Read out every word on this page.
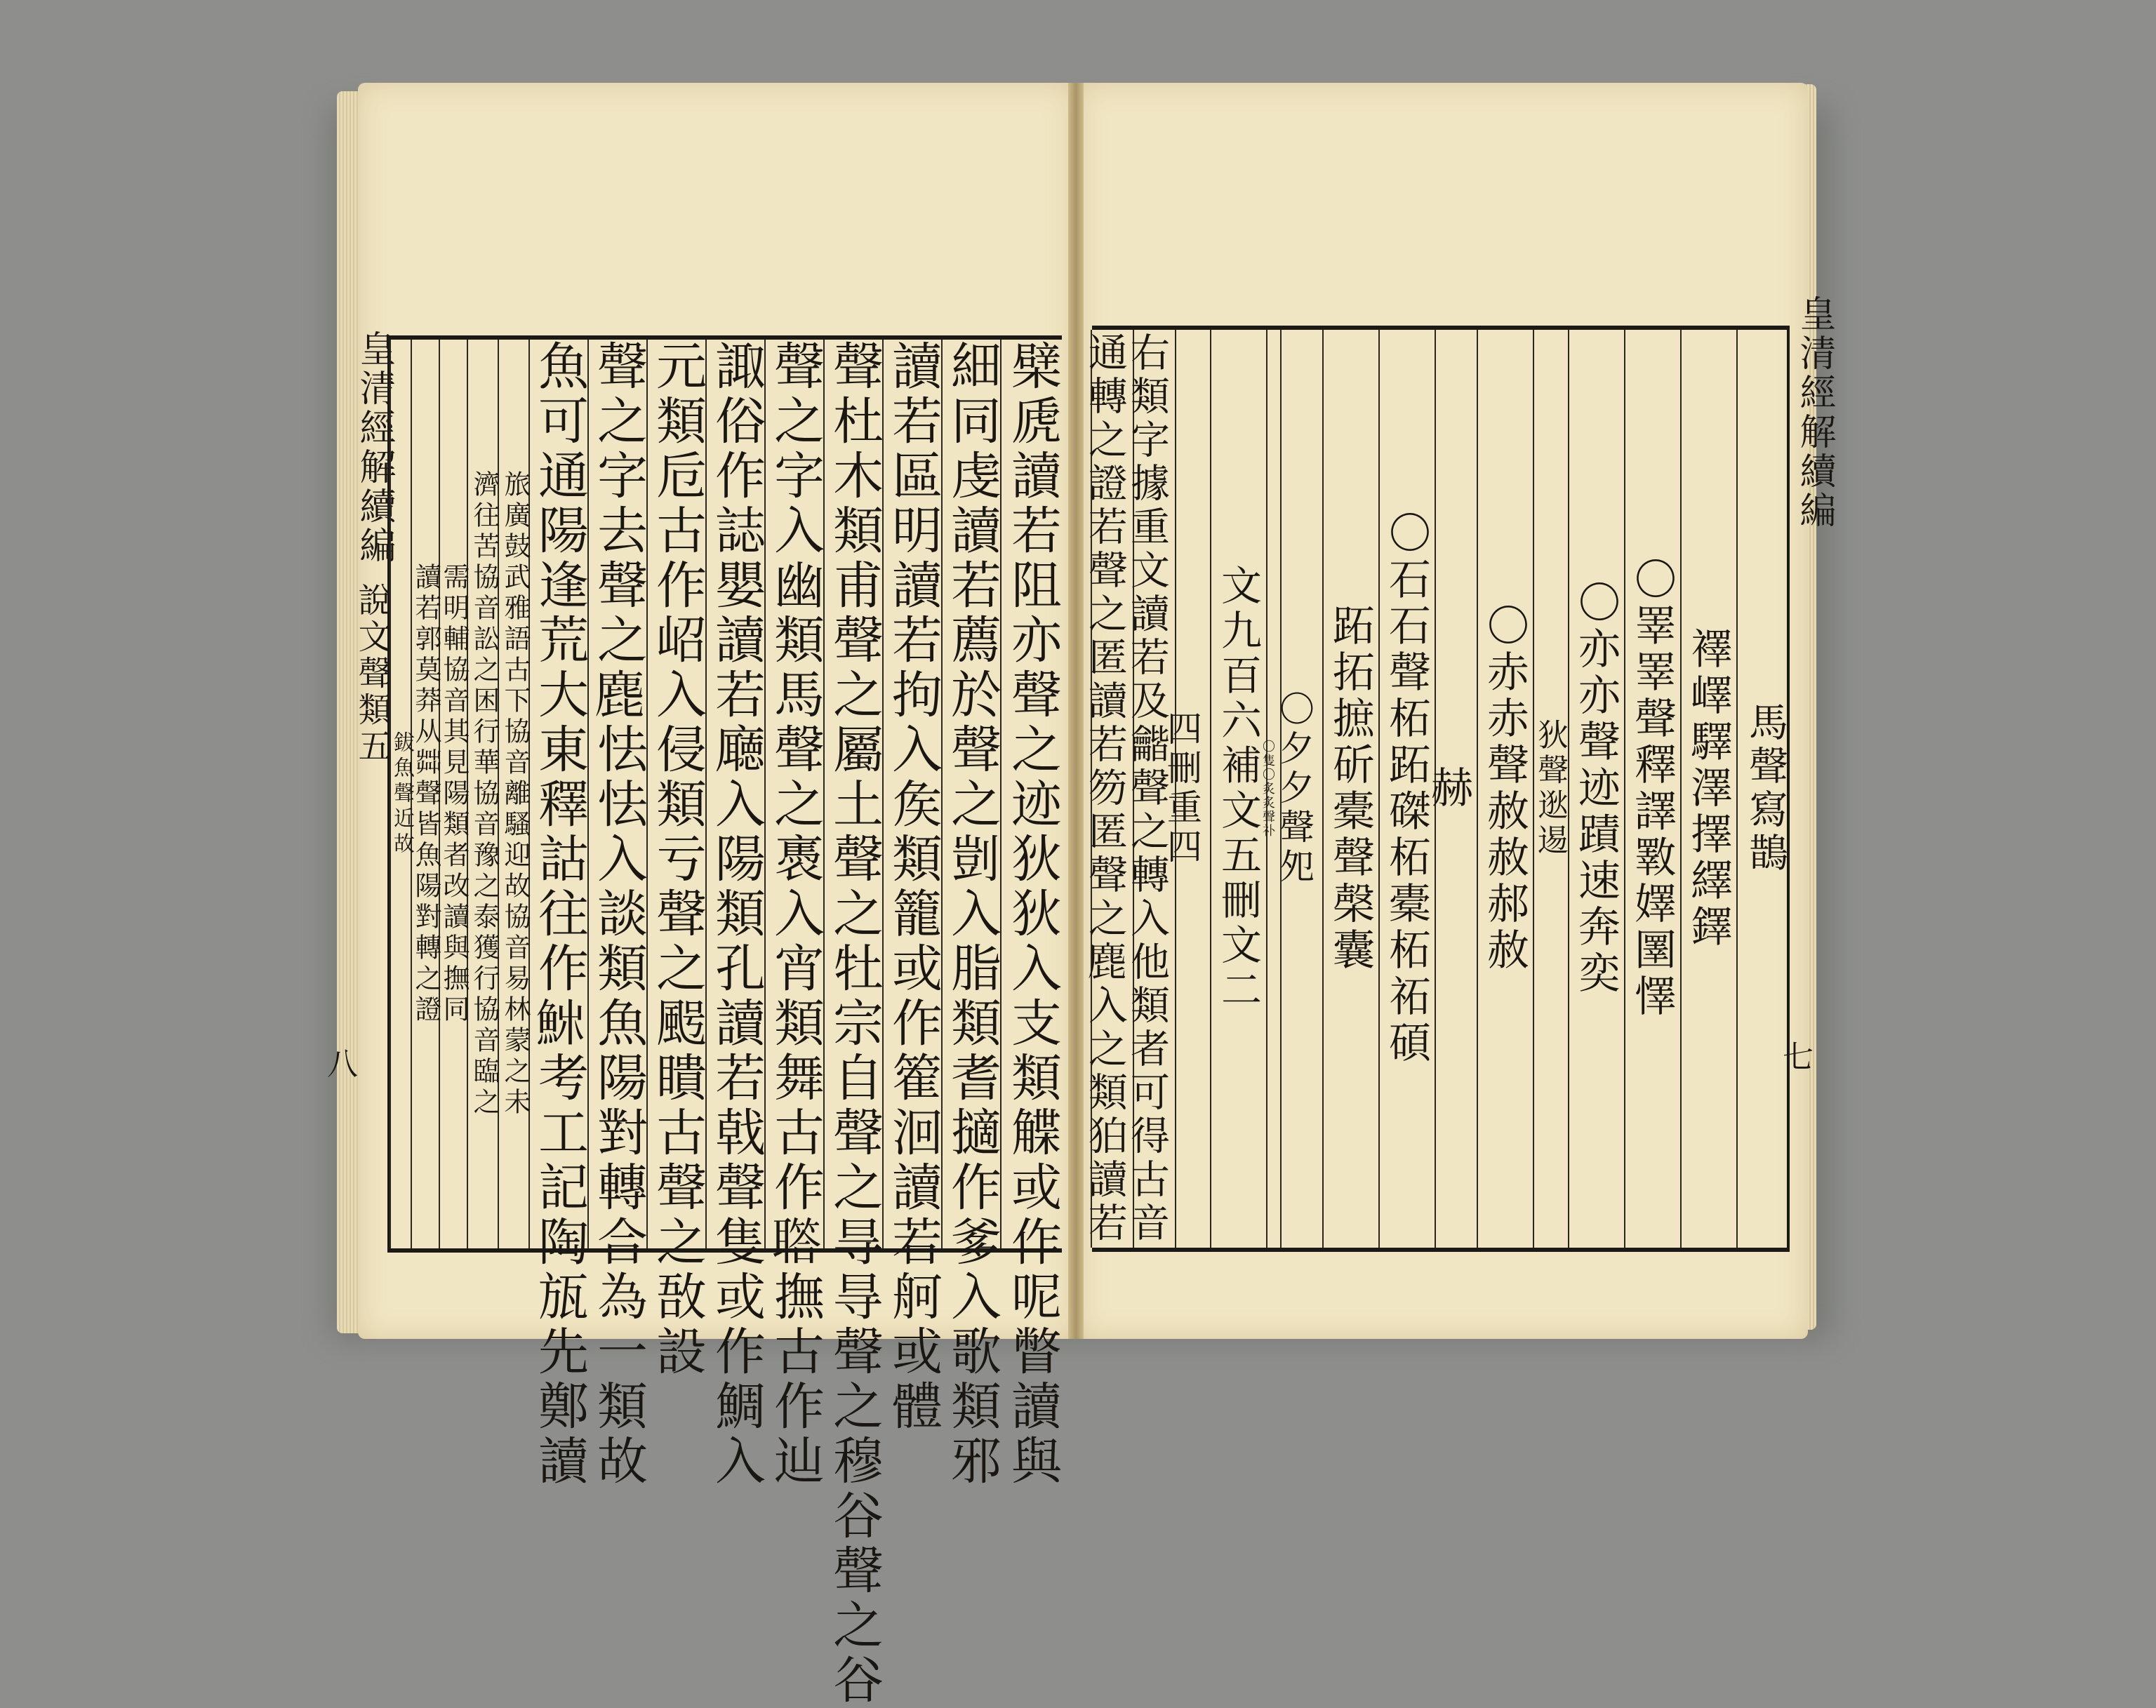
皇清經解續編
七
皇清經解續編
說文聲類五
八	檗虒讀若阻亦聲之迹狄狄入支類䚢或作呢瞥讀與
細同虔讀若薦於聲之剴入脂類耆擿作爹入歌類邪
讀若區明讀若拘入矦類籠或作篧洄讀若舸或體
聲杜木類甫聲之屬土聲之牡宗自聲之㝵㝵聲之穆谷聲之谷
聲之字入幽類馬聲之褭入宵類舞古作𦗧撫古作辿
諏俗作誌嬰讀若廰入陽類孔讀若戟聲隻或作鯛入
元類卮古作岹入侵類亏聲之𩖸瞶古聲之敔設
聲之字去聲之𪊕怯怯入談類魚陽對轉合為一類故
魚可通陽逢荒大東釋詁往作𩶚考工記陶瓬先鄭讀
旅廣鼓武雅語古下協音離騷迎故協音易林蒙之未
濟往苦協音訟之困行華協音豫之泰獲行協音臨之
需明輔協音其見陽類者改讀與撫同
讀若郭莫莽从茻聲皆魚陽對轉之證
鈸魚聲近故	馬聲寫鵲
襗嶧驛澤擇繹鐸
〇睪睪聲釋譯斁嬕圛懌
〇亦亦聲迹蹟速奔奕
狄聲逖逷
〇赤赤聲赦赦郝赦
赫
〇石石聲柘跖磔柘橐柘祏碩
跖拓摭斫橐聲㯏囊
〇夕夕聲夗
〇隻〇炙炙聲䃼
文九百六補文五刪文二
四刪重四
右類字據重文讀若及龤聲之轉入他類者可得古音
通轉之證若聲之匿讀若笏匿聲之𪊕入之類狛讀若
